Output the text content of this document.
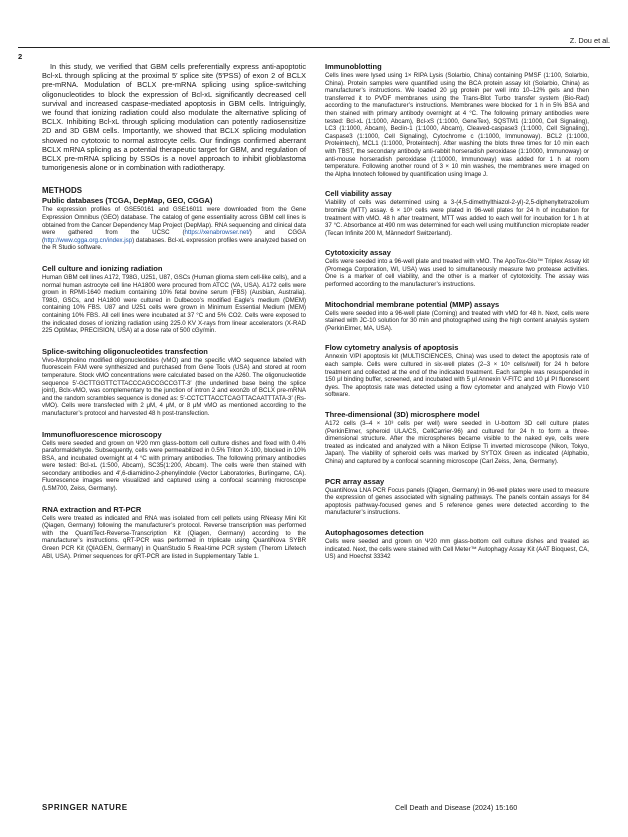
Z. Dou et al.
2

In this study, we verified that GBM cells preferentially express anti-apoptotic Bcl-xL through splicing at the proximal 5′ splice site (5′PSS) of exon 2 of BCLX pre-mRNA. Modulation of BCLX pre-mRNA splicing using splice-switching oligonucleotides to block the expression of Bcl-xL significantly decreased cell survival and increased caspase-mediated apoptosis in GBM cells. Intriguingly, we found that ionizing radiation could also modulate the alternative splicing of BCLX. Inhibiting Bcl-xL through splicing modulation can potently radiosensitize 2D and 3D GBM cells. Importantly, we showed that BCLX splicing modulation showed no cytotoxic to normal astrocyte cells. Our findings confirmed aberrant BCLX mRNA splicing as a potential therapeutic target for GBM, and regulation of BCLX pre-mRNA splicing by SSOs is a novel approach to inhibit glioblastoma tumorigenesis alone or in combination with radiotherapy.

METHODS
Public databases (TCGA, DepMap, GEO, CGGA)

The expression profiles of GSE50161 and GSE16011 were downloaded from the Gene Expression Omnibus (GEO) database. The catalog of gene essentiality across GBM cell lines is obtained from the Cancer Dependency Map Project (DepMap). RNA sequencing and clinical data were gathered from the UCSC (https://xenabrowser.net/) and CGGA (http://www.cgga.org.cn/index.jsp) databases. Bcl-xL expression profiles were analyzed based on the R Studio software.

Cell culture and ionizing radiation

Human GBM cell lines A172, T98G, U251, U87, GSCs (Human glioma stem cell-like cells), and a normal human astrocyte cell line HA1800 were procured from ATCC (VA, USA). A172 cells were grown in RPMI-1640 medium containing 10% fetal bovine serum (FBS) (Ausbian, Australia). T98G, GSCs, and HA1800 were cultured in Dulbecco’s modified Eagle’s medium (DMEM) containing 10% FBS. U87 and U251 cells were grown in Minimum Essential Medium (MEM) containing 10% FBS. All cell lines were incubated at 37 °C and 5% CO2. Cells were exposed to the indicated doses of ionizing radiation using 225.0 KV X-rays from linear accelerators (X-RAD 225 OptiMax, PRECISION, USA) at a dose rate of 500 cGy/min.

Splice-switching oligonucleotides transfection

Vivo-Morpholino modified oligonucleotides (vMO) and the specific vMO sequence labeled with fluorescein FAM were synthesized and purchased from Gene Tools (USA) and stored at room temperature. Stock vMO concentrations were calculated based on the A260. The oligonucleotide sequence 5′-GCTTGGTTCTTACCCAGCCGCCGTT-3′ (the underlined base being the splice joint), Bclx-vMO, was complementary to the junction of intron 2 and exon2b of BCLX pre-mRNA and the random scrambles sequence is doned as: 5′-CCTCTTACCTCAGTTACAATTTATA-3′ (Rs-vMO). Cells were transfected with 2 μM, 4 μM, or 8 μM vMO as mentioned according to the manufacturer’s protocol and harvested 48 h post-transfection.

Immunofluorescence microscopy

Cells were seeded and grown on Ψ20 mm glass-bottom cell culture dishes and fixed with 0.4% paraformaldehyde. Subsequently, cells were permeabilized in 0.5% Triton X-100, blocked in 10% BSA, and incubated overnight at 4 °C with primary antibodies. The following primary antibodies were tested: Bcl-xL (1:500, Abcam), SC35(1:200, Abcam). The cells were then stained with secondary antibodies and 4′,6-diamidino-2-phenylindole (Vector Laboratories, Burlingame, CA). Fluorescence images were visualized and captured using a confocal scanning microscope (LSM700, Zeiss, Germany).

RNA extraction and RT-PCR

Cells were treated as indicated and RNA was isolated from cell pellets using RNeasy Mini Kit (Qiagen, Germany) following the manufacturer’s protocol. Reverse transcription was performed with the QuantiTect-Reverse-Transcription Kit (Qiagen, Germany) according to the manufacturer’s instructions. qRT-PCR was performed in triplicate using QuantiNova SYBR Green PCR Kit (QIAGEN, Germany) in QuanStudio 5 Real-time PCR system (Therom Lifetech ABI, USA). Primer sequences for qRT-PCR are listed in Supplementary Table 1.

Immunoblotting

Cells lines were lysed using 1× RIPA Lysis (Solarbio, China) containing PMSF (1:100, Solarbio, China). Protein samples were quantified using the BCA protein assay kit (Solarbio, China) as manufacturer’s instructions. We loaded 20 μg protein per well into 10–12% gels and then transferred it to PVDF membranes using the Trans-Blot Turbo transfer system (Bio-Rad) according to the manufacturer’s instructions. Membranes were blocked for 1 h in 5% BSA and then stained with primary antibody overnight at 4 °C. The following primary antibodies were tested: Bcl-xL (1:1000, Abcam), Bcl-xS (1:1000, GeneTex), SQSTM1 (1:1000, Cell Signaling), LC3 (1:1000, Abcam), Beclin-1 (1:1000, Abcam), Cleaved-caspase3 (1:1000, Cell Signaling), Caspase3 (1:1000, Cell Signaling), Cytochrome c (1:1000, Immunoway). BCL2 (1:1000, Proteintech), MCL1 (1:1000, Proteintech). After washing the blots three times for 10 min each with TBST, the secondary antibody anti-rabbit horseradish peroxidase (1:10000, Immunoway) or anti-mouse horseradish peroxidase (1:10000, Immunoway) was added for 1 h at room temperature. Following another round of 3 × 10 min washes, the membranes were imaged on the Alpha Innotech followed by quantification using Image J.

Cell viability assay

Viability of cells was determined using a 3-(4,5-dimethylthiazol-2-yl)-2,5-diphenyltetrazolium bromide (MTT) assay. 6 × 10³ cells were plated in 96-well plates for 24 h of incubation for treatment with vMO. 48 h after treatment, MTT was added to each well for incubation for 1 h at 37 °C. Absorbance at 490 nm was determined for each well using multifunction microplate reader (Tecan Infinite 200 M, Männedorf Switzerland).

Cytotoxicity assay

Cells were seeded into a 96-well plate and treated with vMO. The ApoTox-Glo™ Triplex Assay kit (Promega Corporation, WI, USA) was used to simultaneously measure two protease activities. One is a marker of cell viability, and the other is a marker of cytotoxicity. The assay was performed according to the manufacturer’s instructions.

Mitochondrial membrane potential (MMP) assays

Cells were seeded into a 96-well plate (Corning) and treated with vMO for 48 h. Next, cells were stained with JC-10 solution for 30 min and photographed using the high content analysis system (PerkinElmer, MA, USA).

Flow cytometry analysis of apoptosis

Annexin V/PI apoptosis kit (MULTISCIENCES, China) was used to detect the apoptosis rate of each sample. Cells were cultured in six-well plates (2–3 × 10⁵ cells/well) for 24 h before treatment and collected at the end of the indicated treatment. Each sample was resuspended in 150 μl binding buffer, screened, and incubated with 5 μl Annexin V-FITC and 10 μl PI fluorescent dyes. The apoptosis rate was detected using a flow cytometer and analyzed with Flowjo V10 software.

Three-dimensional (3D) microsphere model

A172 cells (3–4 × 10³ cells per well) were seeded in U-bottom 3D cell culture plates (PerkinElmer, spheroid ULA/CS, CellCarrier-96) and cultured for 24 h to form a three-dimensional structure. After the microspheres became visible to the naked eye, cells were treated as indicated and analyzed with a Nikon Eclipse Ti inverted microscope (Nikon, Tokyo, Japan). The viability of spheroid cells was marked by SYTOX Green as indicated (Alphabio, China) and captured by a confocal scanning microscope (Carl Zeiss, Jena, Germany).

PCR array assay

QuantiNova LNA PCR Focus panels (Qiagen, Germany) in 96-well plates were used to measure the expression of genes associated with signaling pathways. The panels contain assays for 84 apoptosis pathway-focused genes and 5 reference genes were detected according to the manufacturer’s instructions.

Autophagosomes detection

Cells were seeded and grown on Ψ20 mm glass-bottom cell culture dishes and treated as indicated. Next, the cells were stained with Cell Meter™ Autophagy Assay Kit (AAT Bioquest, CA, US) and Hoechst 33342

SPRINGER NATURE	Cell Death and Disease (2024) 15:160
